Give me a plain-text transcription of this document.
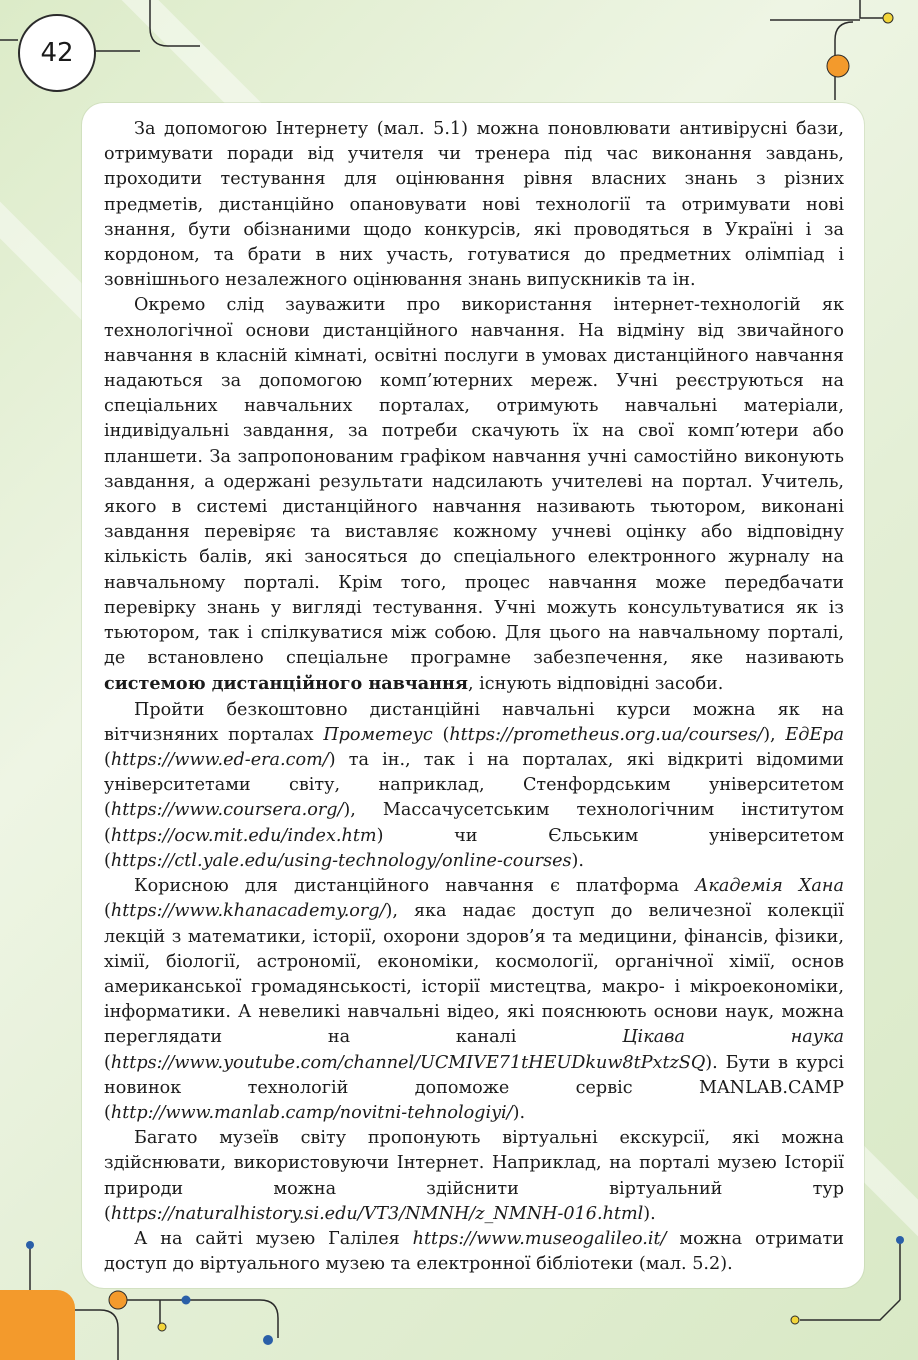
42

За допомогою Інтернету (мал. 5.1) можна поновлювати антивірусні бази, отримувати поради від учителя чи тренера під час виконання завдань, проходити тестування для оцінювання рівня власних знань з різних предметів, дистанційно опановувати нові технології та отримувати нові знання, бути обізнаними щодо конкурсів, які проводяться в Україні і за кордоном, та брати в них участь, готуватися до предметних олімпіад і зовнішнього незалежного оцінювання знань випускників та ін.

Окремо слід зауважити про використання інтернет-технологій як технологічної основи дистанційного навчання. На відміну від звичайного навчання в класній кімнаті, освітні послуги в умовах дистанційного навчання надаються за допомогою комп’ютерних мереж. Учні реєструються на спеціальних навчальних порталах, отримують навчальні матеріали, індивідуальні завдання, за потреби скачують їх на свої комп’ютери або планшети. За запропонованим графіком навчання учні самостійно виконують завдання, а одержані результати надсилають учителеві на портал. Учитель, якого в системі дистанційного навчання називають тьютором, виконані завдання перевіряє та виставляє кожному учневі оцінку або відповідну кількість балів, які заносяться до спеціального електронного журналу на навчальному порталі. Крім того, процес навчання може передбачати перевірку знань у вигляді тестування. Учні можуть консультуватися як із тьютором, так і спілкуватися між собою. Для цього на навчальному порталі, де встановлено спеціальне програмне забезпечення, яке називають системою дистанційного навчання, існують відповідні засоби.

Пройти безкоштовно дистанційні навчальні курси можна як на вітчизняних порталах Прометеус (https://prometheus.org.ua/courses/), ЕдЕра (https://www.ed-era.com/) та ін., так і на порталах, які відкриті відомими університетами світу, наприклад, Стенфордським університетом (https://www.coursera.org/), Массачусетським технологічним інститутом (https://ocw.mit.edu/index.htm) чи Єльським університетом (https://ctl.yale.edu/using-technology/online-courses).

Корисною для дистанційного навчання є платформа Академія Хана (https://www.khanacademy.org/), яка надає доступ до величезної колекції лекцій з математики, історії, охорони здоров’я та медицини, фінансів, фізики, хімії, біології, астрономії, економіки, космології, органічної хімії, основ американської громадянськості, історії мистецтва, макрo- і мікроекономіки, інформатики. А невеликі навчальні відео, які пояснюють основи наук, можна переглядати на каналі Цікава наука (https://www.youtube.com/channel/UCMIVE71tHEUDkuw8tPxtzSQ). Бути в курсі новинок технологій допоможе сервіс MANLAB.CAMP (http://www.manlab.camp/novitni-tehnologiyi/).

Багато музеїв світу пропонують віртуальні екскурсії, які можна здійснювати, використовуючи Інтернет. Наприклад, на порталі музею Історії природи можна здійснити віртуальний тур (https://naturalhistory.si.edu/VT3/NMNH/z_NMNH-016.html).

А на сайті музею Галілея https://www.museogalileo.it/ можна отримати доступ до віртуального музею та електронної бібліотеки (мал. 5.2).
